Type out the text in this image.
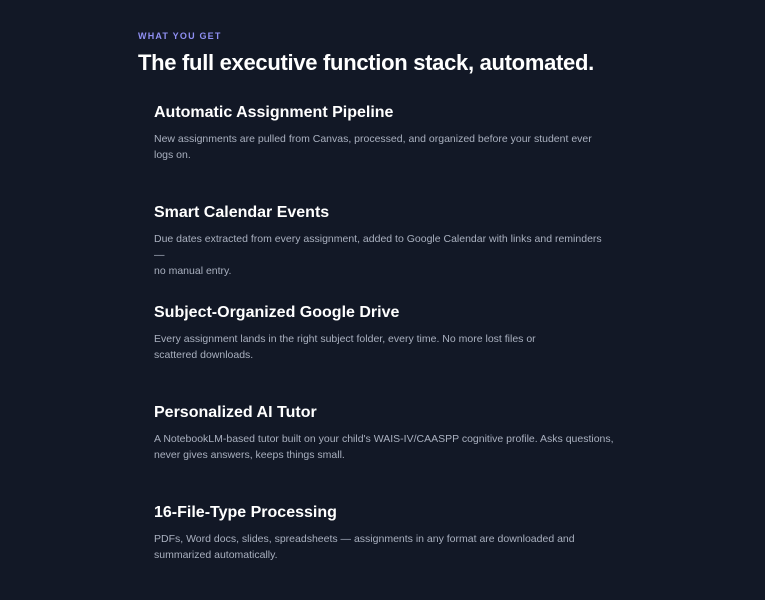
WHAT YOU GET
The full executive function stack, automated.
Automatic Assignment Pipeline

New assignments are pulled from Canvas, processed, and organized before your student ever
logs on.

Smart Calendar Events

Due dates extracted from every assignment, added to Google Calendar with links and reminders —
no manual entry.

Subject-Organized Google Drive

Every assignment lands in the right subject folder, every time. No more lost files or
scattered downloads.

Personalized AI Tutor

A NotebookLM-based tutor built on your child's WAIS-IV/CAASPP cognitive profile. Asks questions,
never gives answers, keeps things small.

16-File-Type Processing

PDFs, Word docs, slides, spreadsheets — assignments in any format are downloaded and
summarized automatically.
